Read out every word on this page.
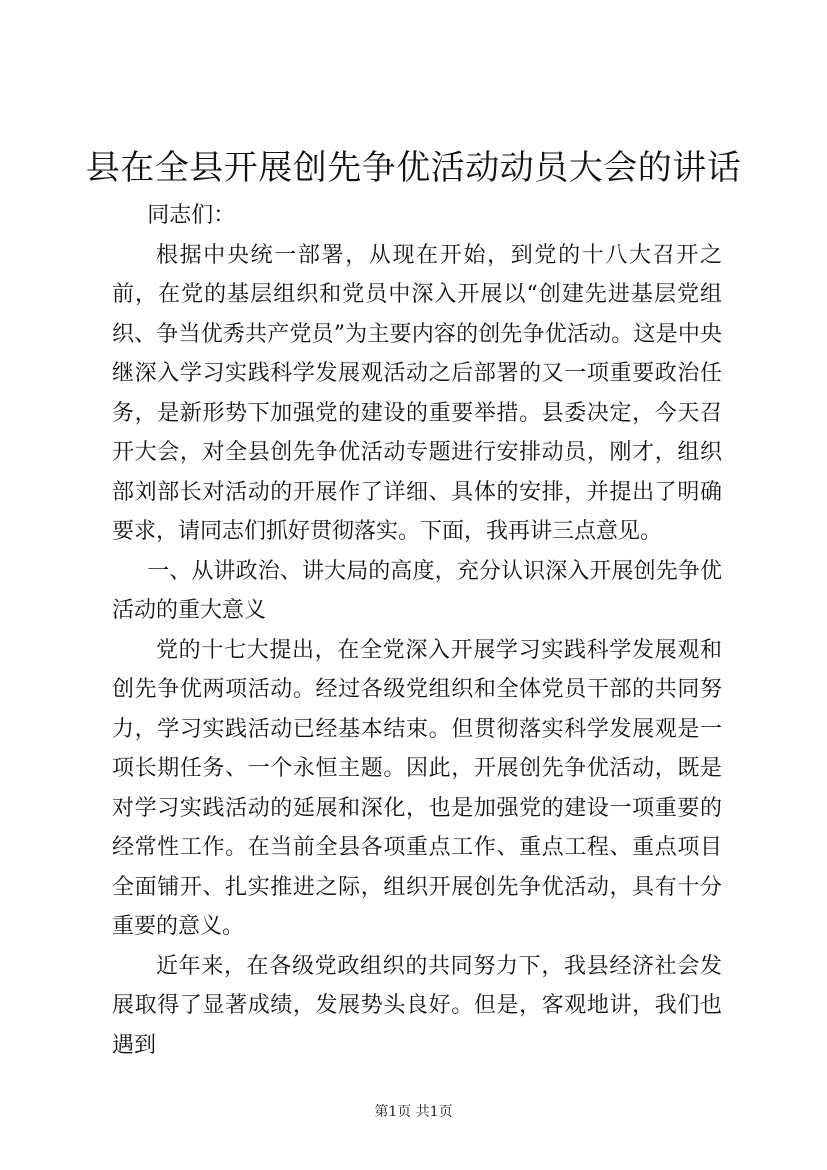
县在全县开展创先争优活动动员大会的讲话

同志们：

根据中央统一部署，从现在开始，到党的十八大召开之前，在党的基层组织和党员中深入开展以“创建先进基层党组织、争当优秀共产党员”为主要内容的创先争优活动。这是中央继深入学习实践科学发展观活动之后部署的又一项重要政治任务，是新形势下加强党的建设的重要举措。县委决定，今天召开大会，对全县创先争优活动专题进行安排动员，刚才，组织部刘部长对活动的开展作了详细、具体的安排，并提出了明确要求，请同志们抓好贯彻落实。下面，我再讲三点意见。

一、从讲政治、讲大局的高度，充分认识深入开展创先争优活动的重大意义

党的十七大提出，在全党深入开展学习实践科学发展观和创先争优两项活动。经过各级党组织和全体党员干部的共同努力，学习实践活动已经基本结束。但贯彻落实科学发展观是一项长期任务、一个永恒主题。因此，开展创先争优活动，既是对学习实践活动的延展和深化，也是加强党的建设一项重要的经常性工作。在当前全县各项重点工作、重点工程、重点项目全面铺开、扎实推进之际，组织开展创先争优活动，具有十分重要的意义。

近年来，在各级党政组织的共同努力下，我县经济社会发展取得了显著成绩，发展势头良好。但是，客观地讲，我们也遇到

第1页 共1页
